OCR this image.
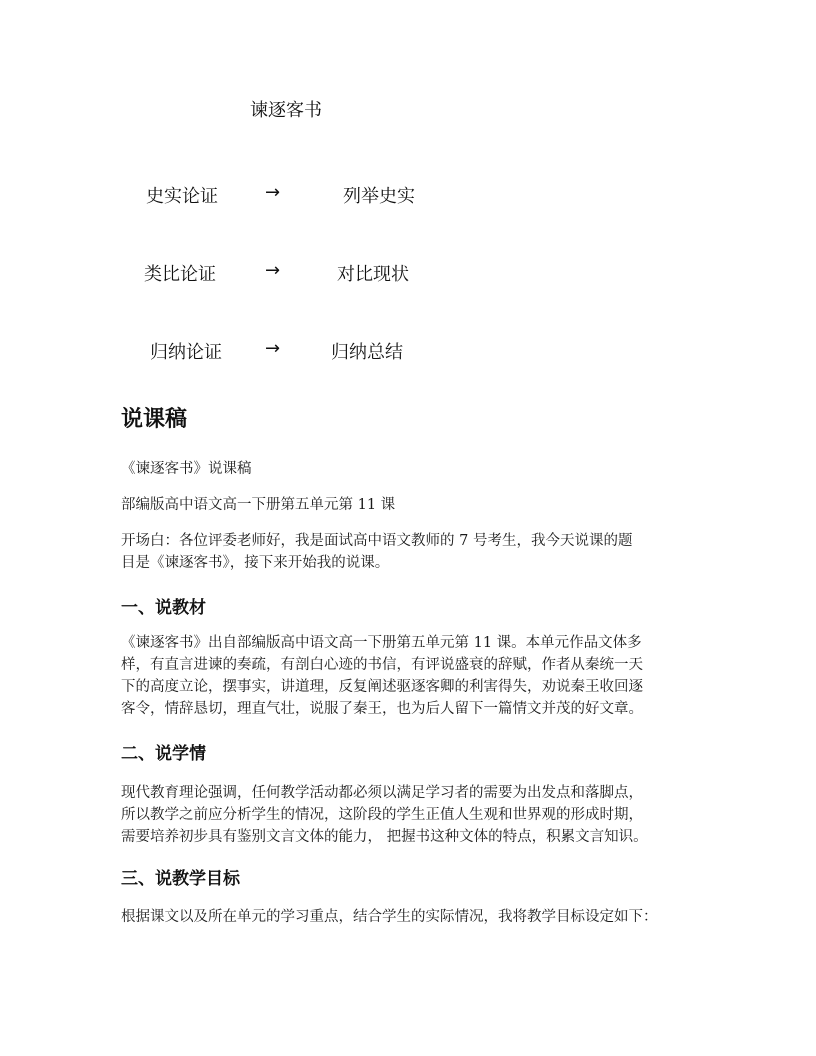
谏逐客书
史实论证	→	列举史实
类比论证	→	对比现状
归纳论证 →	归纳总结
说课稿
《谏逐客书》说课稿
部编版高中语文高一下册第五单元第 11 课
开场白：各位评委老师好，我是面试高中语文教师的 7 号考生，我今天说课的题
目是《谏逐客书》，接下来开始我的说课。
一、说教材
《谏逐客书》出自部编版高中语文高一下册第五单元第 11 课。本单元作品文体多
样，有直言进谏的奏疏，有剖白心迹的书信，有评说盛衰的辞赋，作者从秦统一天
下的高度立论，摆事实，讲道理，反复阐述驱逐客卿的利害得失，劝说秦王收回逐
客令，情辞恳切，理直气壮，说服了秦王，也为后人留下一篇情文并茂的好文章。
二、说学情
现代教育理论强调，任何教学活动都必须以满足学习者的需要为出发点和落脚点，
所以教学之前应分析学生的情况，这阶段的学生正值人生观和世界观的形成时期，
需要培养初步具有鉴别文言文体的能力， 把握书这种文体的特点，积累文言知识。
三、说教学目标
根据课文以及所在单元的学习重点，结合学生的实际情况，我将教学目标设定如下：
